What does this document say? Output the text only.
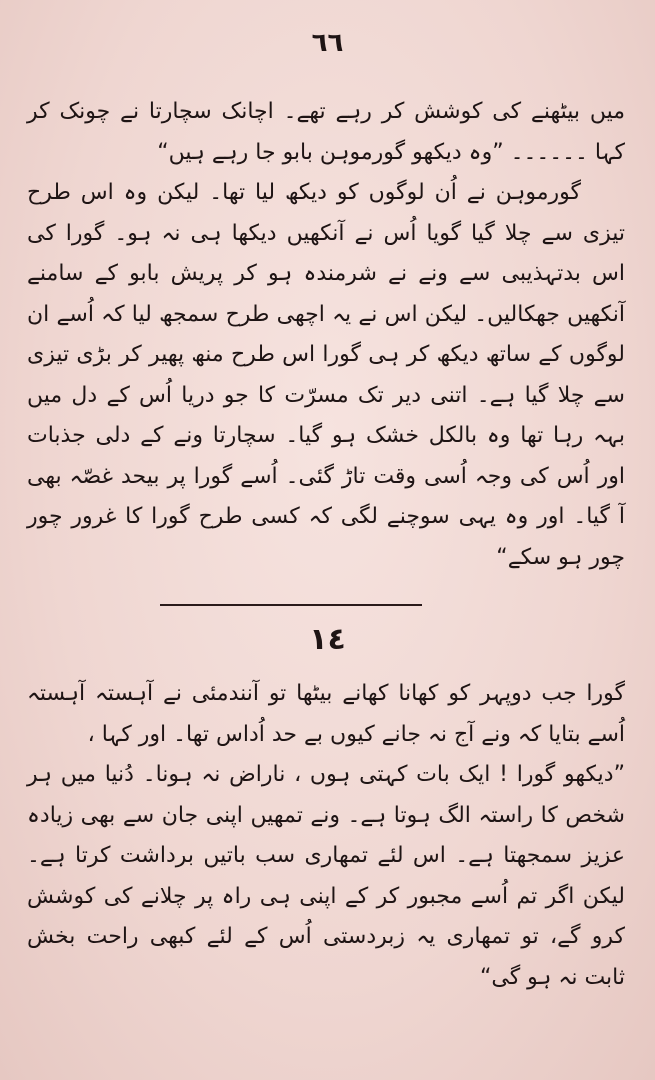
٦٦

میں بیٹھنے کی کوشش کر رہے تھے۔ اچانک سچارتا نے چونک کر کہا ۔۔۔۔۔۔ ”وہ دیکھو گورموہن بابو جا رہے ہیں“

گورموہن نے اُن لوگوں کو دیکھ لیا تھا۔ لیکن وہ اس طرح تیزی سے چلا گیا گویا اُس نے آنکھیں دیکھا ہی نہ ہو۔ گورا کی اس بدتہذیبی سے ونے نے شرمندہ ہو کر پریش بابو کے سامنے آنکھیں جھکالیں۔ لیکن اس نے یہ اچھی طرح سمجھ لیا کہ اُسے ان لوگوں کے ساتھ دیکھ کر ہی گورا اس طرح منھ پھیر کر بڑی تیزی سے چلا گیا ہے۔ اتنی دیر تک مسرّت کا جو دریا اُس کے دل میں بہہ رہا تھا وہ بالکل خشک ہو گیا۔ سچارتا ونے کے دلی جذبات اور اُس کی وجہ اُسی وقت تاڑ گئی۔ اُسے گورا پر بیحد غصّہ بھی آ گیا۔ اور وہ یہی سوچنے لگی کہ کسی طرح گورا کا غرور چور چور ہو سکے“

١٤

گورا جب دوپہر کو کھانا کھانے بیٹھا تو آنندمئی نے آہستہ آہستہ اُسے بتایا کہ ونے آج نہ جانے کیوں بے حد اُداس تھا۔ اور کہا ،

”دیکھو گورا ! ایک بات کہتی ہوں ، ناراض نہ ہونا۔ دُنیا میں ہر شخص کا راستہ الگ ہوتا ہے۔ ونے تمھیں اپنی جان سے بھی زیادہ عزیز سمجھتا ہے۔ اس لئے تمھاری سب باتیں برداشت کرتا ہے۔ لیکن اگر تم اُسے مجبور کر کے اپنی ہی راہ پر چلانے کی کوشش کرو گے، تو تمھاری یہ زبردستی اُس کے لئے کبھی راحت بخش ثابت نہ ہو گی“
